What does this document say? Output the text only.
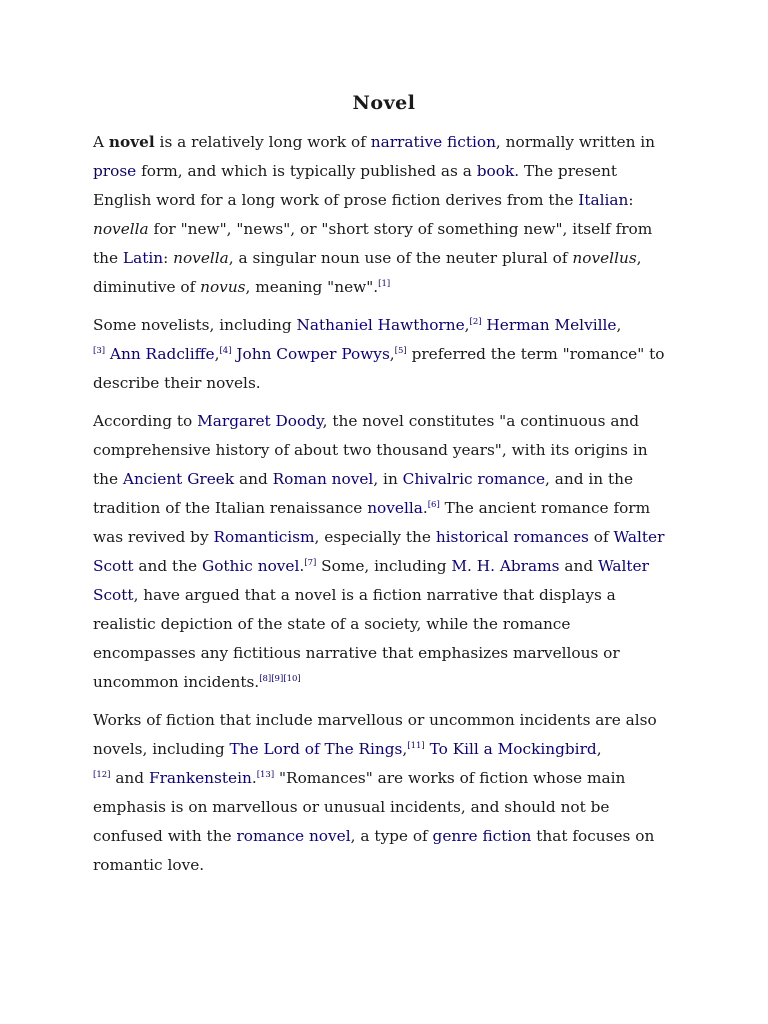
Novel

A novel is a relatively long work of narrative fiction, normally written in prose form, and which is typically published as a book. The present English word for a long work of prose fiction derives from the Italian: novella for "new", "news", or "short story of something new", itself from the Latin: novella, a singular noun use of the neuter plural of novellus, diminutive of novus, meaning "new".[1]

Some novelists, including Nathaniel Hawthorne,[2] Herman Melville,
[3] Ann Radcliffe,[4] John Cowper Powys,[5] preferred the term "romance" to describe their novels.

According to Margaret Doody, the novel constitutes "a continuous and comprehensive history of about two thousand years", with its origins in the Ancient Greek and Roman novel, in Chivalric romance, and in the tradition of the Italian renaissance novella.[6] The ancient romance form was revived by Romanticism, especially the historical romances of Walter Scott and the Gothic novel.[7] Some, including M. H. Abrams and Walter Scott, have argued that a novel is a fiction narrative that displays a realistic depiction of the state of a society, while the romance encompasses any fictitious narrative that emphasizes marvellous or uncommon incidents.[8][9][10]

Works of fiction that include marvellous or uncommon incidents are also novels, including The Lord of The Rings,[11] To Kill a Mockingbird,
[12] and Frankenstein.[13] "Romances" are works of fiction whose main emphasis is on marvellous or unusual incidents, and should not be confused with the romance novel, a type of genre fiction that focuses on romantic love.
